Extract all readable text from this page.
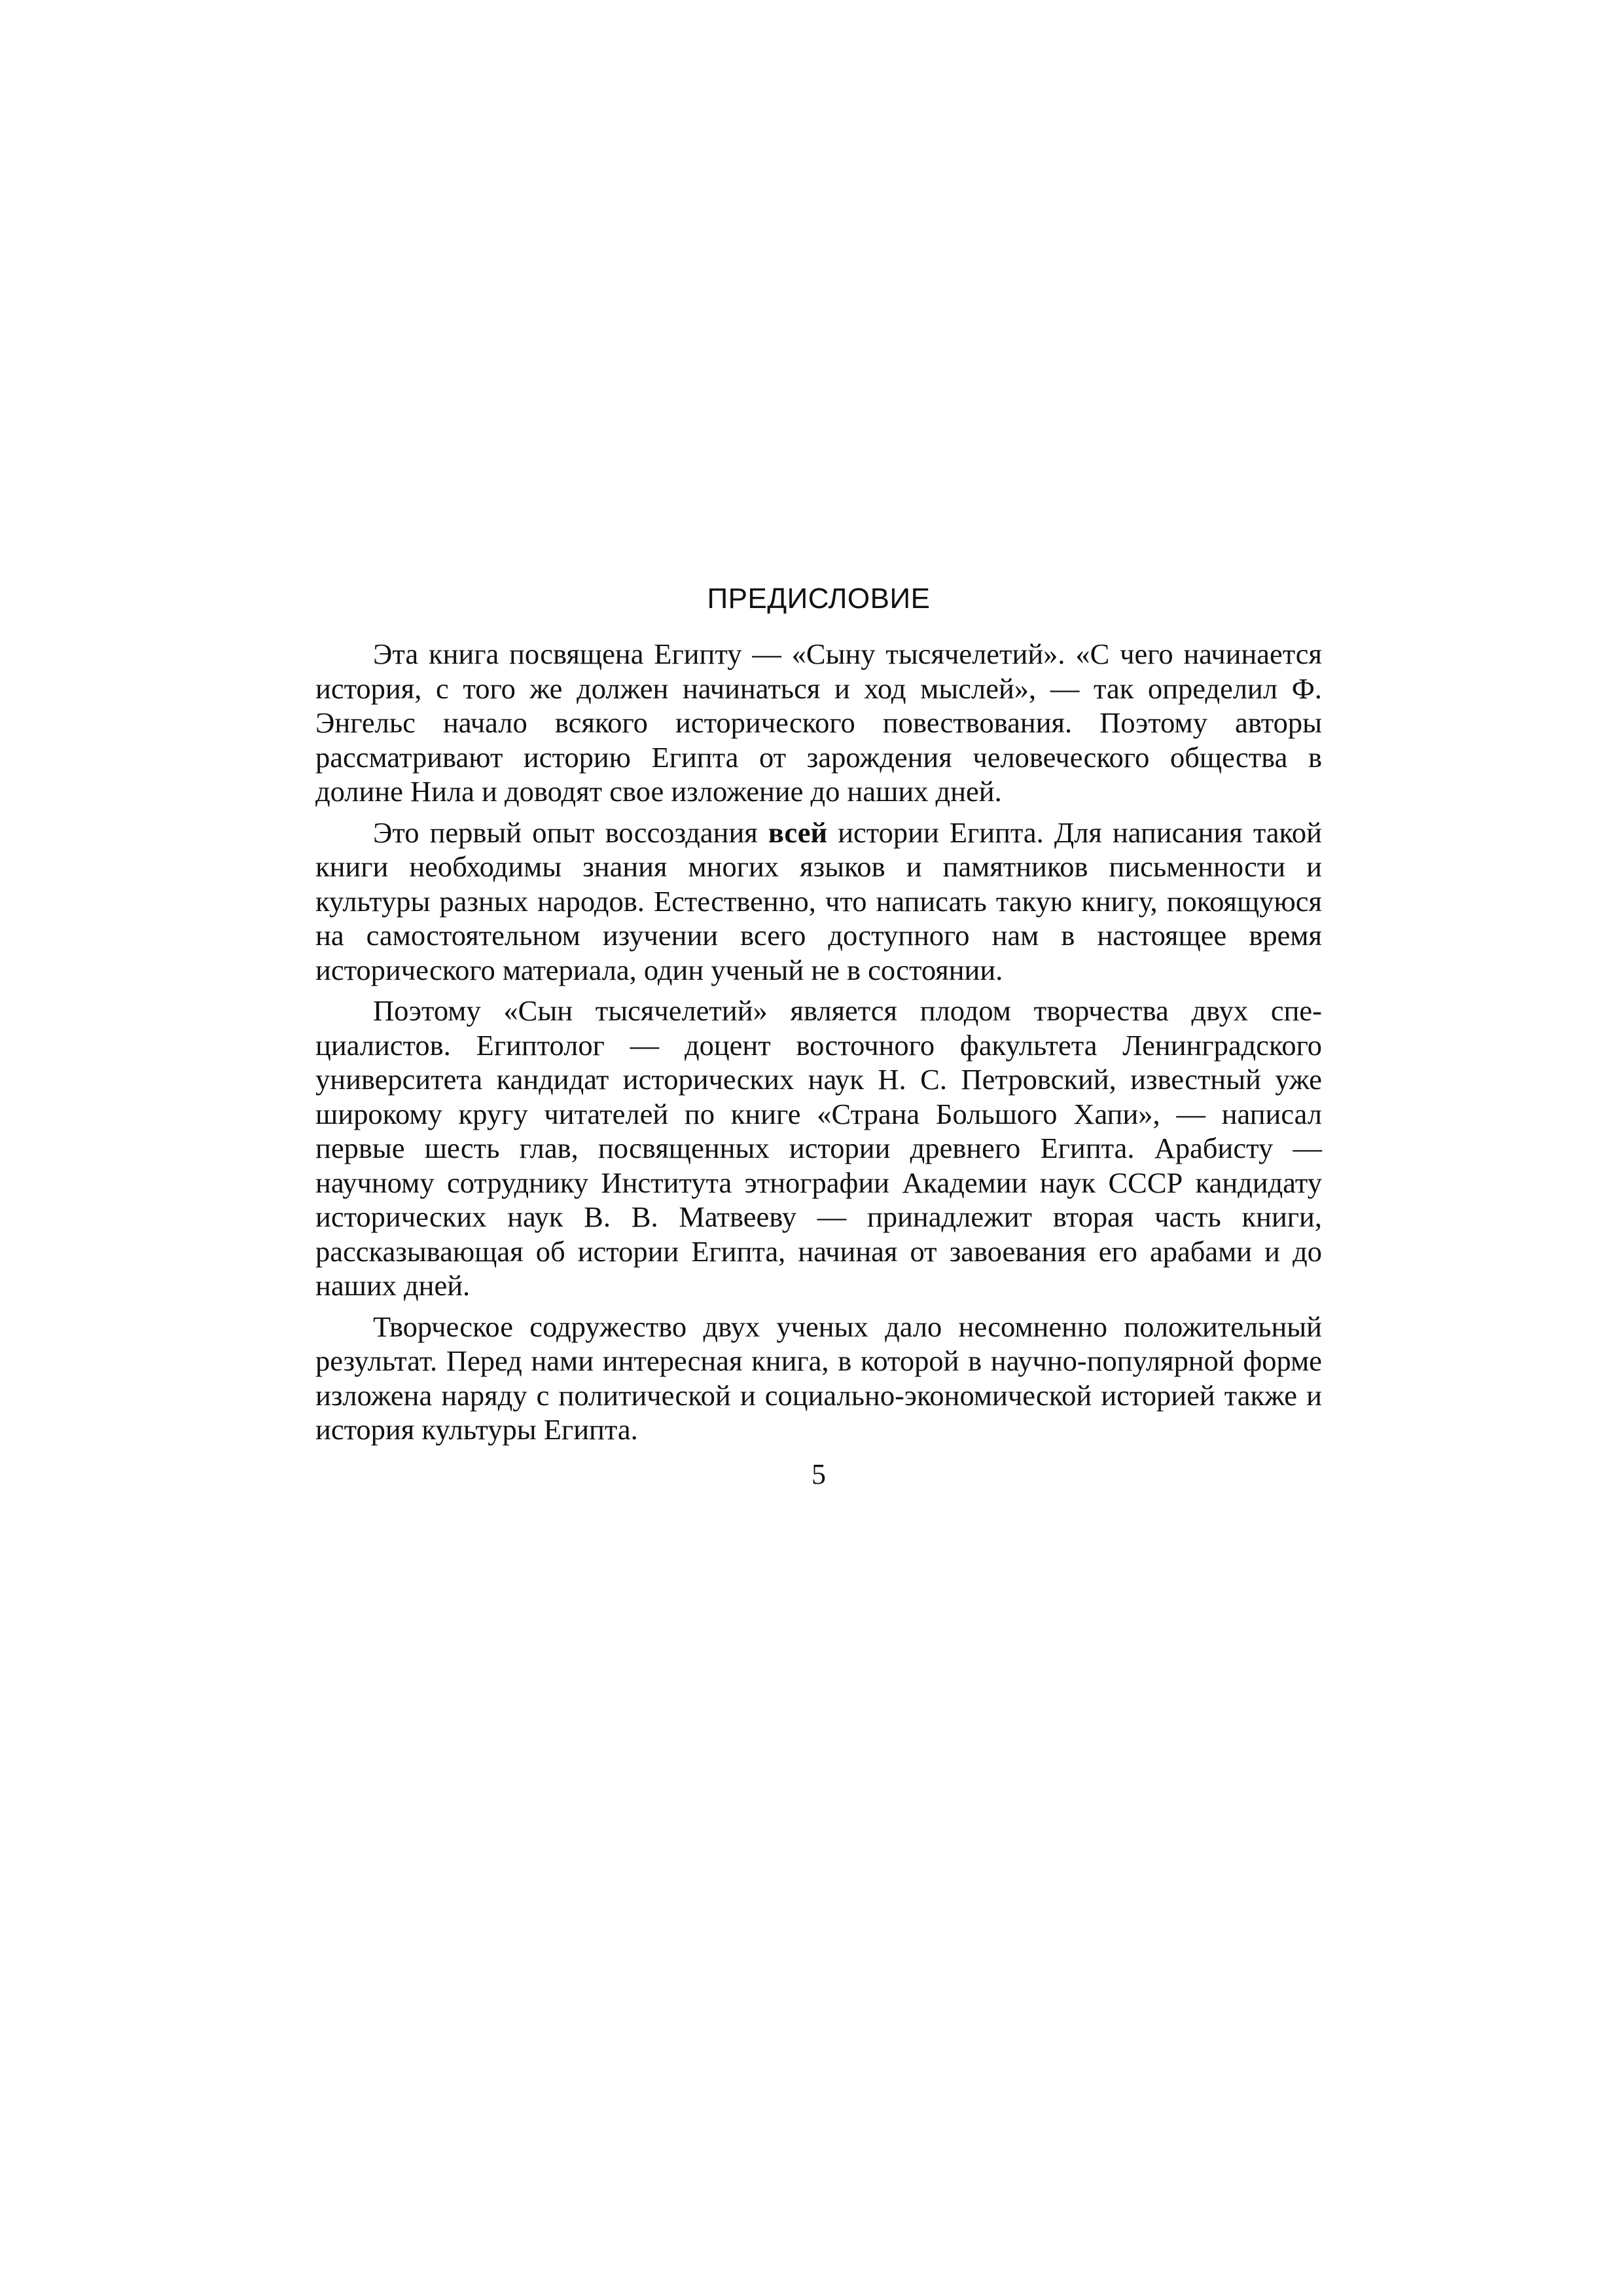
ПРЕДИСЛОВИЕ

Эта книга посвящена Египту — «Сыну тысячелетий». «С чего начинается история, с того же должен начинаться и ход мыслей», — так определил Ф. Энгельс начало всякого исторического повествования. Поэтому авторы рассматривают историю Египта от зарождения человеческого общества в долине Нила и доводят свое изложение до наших дней.

Это первый опыт воссоздания всей истории Египта. Для написания такой книги необходимы знания многих языков и памятников письменности и культуры разных народов. Естественно, что написать такую книгу, покоящуюся на самостоятельном изучении всего доступного нам в настоящее время исторического материала, один ученый не в состоянии.

Поэтому «Сын тысячелетий» является плодом творчества двух специалистов. Египтолог — доцент восточного факультета Ленинградского университета кандидат исторических наук Н. С. Петровский, известный уже широкому кругу читателей по книге «Страна Большого Хапи», — написал первые шесть глав, посвященных истории древнего Египта. Арабисту — научному сотруднику Института этнографии Академии наук СССР кандидату исторических наук В. В. Матвееву — принадлежит вторая часть книги, рассказывающая об истории Египта, начиная от завоевания его арабами и до наших дней.

Творческое содружество двух ученых дало несомненно положительный результат. Перед нами интересная книга, в которой в научно-популярной форме изложена наряду с политической и социально-экономической историей также и история культуры Египта.

5
